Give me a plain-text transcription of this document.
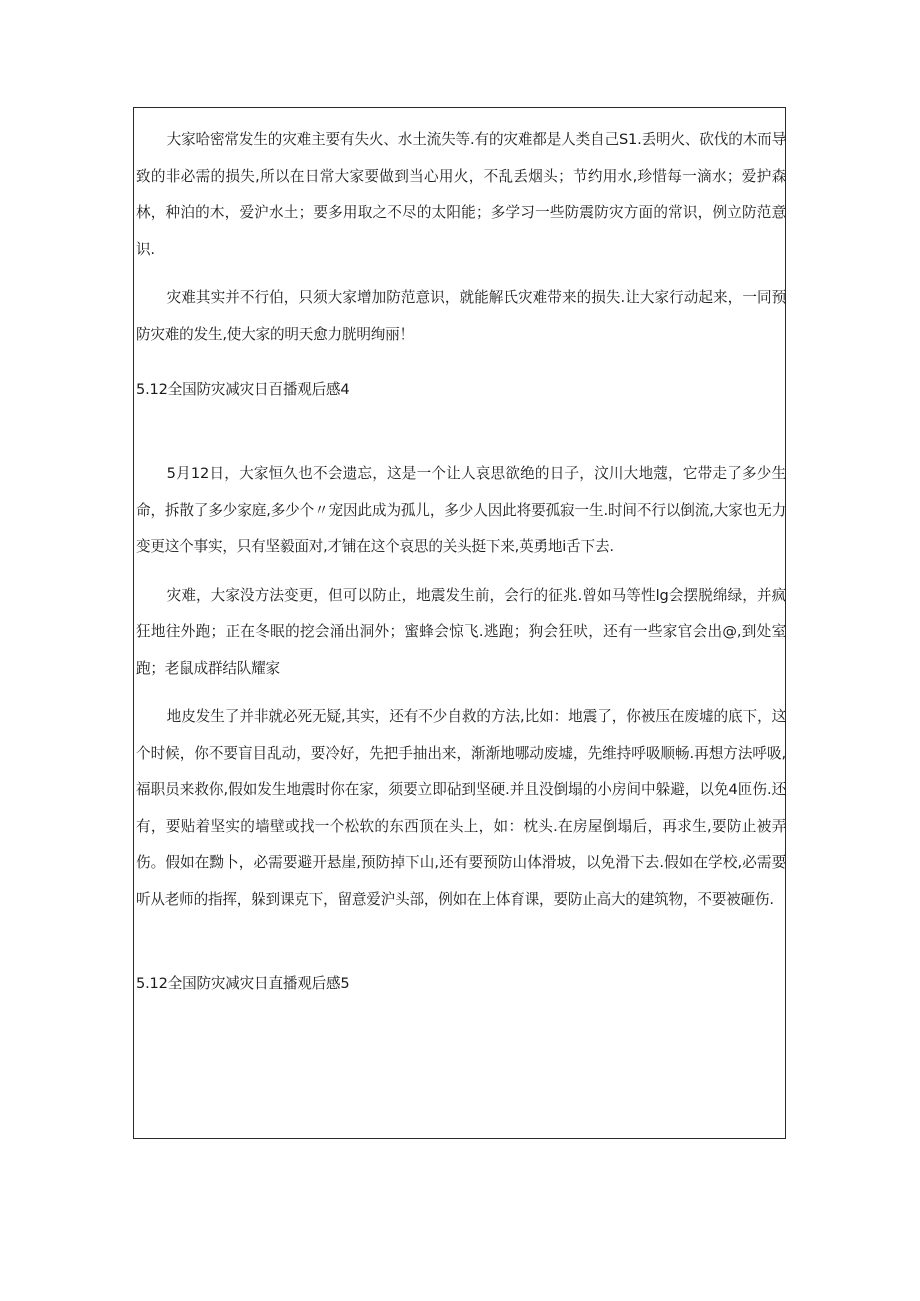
大家哈密常发生的灾难主要有失火、水土流失等.有的灾难都是人类自己S1.丢明火、砍伐的木而导致的非必需的损失,所以在日常大家要做到当心用火，不乱丢烟头；节约用水,珍惜每一滴水；爱护森林，种泊的木，爱沪水土；要多用取之不尽的太阳能；多学习一些防震防灾方面的常识，例立防范意识.

灾难其实并不行伯，只须大家增加防范意识，就能解氏灾难带来的损失.让大家行动起来，一同预防灾难的发生,使大家的明天愈力胱明绚丽！

5.12全国防灾减灾日百播观后感4

5月12日，大家恒久也不会遗忘，这是一个让人哀思欲绝的日子，汶川大地蔻，它带走了多少生命，拆散了多少家庭,多少个〃宠因此成为孤儿，多少人因此将要孤寂一生.时间不行以倒流,大家也无力变更这个事实，只有坚毅面对,才铺在这个哀思的关头挺下来,英勇地i舌下去.

灾难，大家没方法变更，但可以防止，地震发生前，会行的征兆.曾如马等性lg会摆脱绵绿，并疯狂地往外跑；正在冬眠的挖会涌出洞外；蜜蜂会惊飞.逃跑；狗会狂吠，还有一些家官会出@,到处室跑；老鼠成群结队耀家

地皮发生了并非就必死无疑,其实，还有不少自救的方法,比如：地震了，你被压在废墟的底下，这个时候，你不要盲目乱动，要冷好，先把手抽出来，渐渐地哪动废墟，先维持呼吸顺畅.再想方法呼吸,福职员来救你,假如发生地震时你在家，须要立即砧到坚硬.并且没倒塌的小房间中躲避，以免4匝伤.还有，要贴着坚实的墙壁或找一个松软的东西顶在头上，如：枕头.在房屋倒塌后，再求生,要防止被弄伤。假如在黝卜，必需要避开悬崖,预防掉下山,还有要预防山体滑坡，以免滑下去.假如在学校,必需要听从老师的指挥，躲到课克下，留意爱沪头部，例如在上体育课，要防止高大的建筑物，不要被砸伤.

5.12全国防灾减灾日直播观后感5
